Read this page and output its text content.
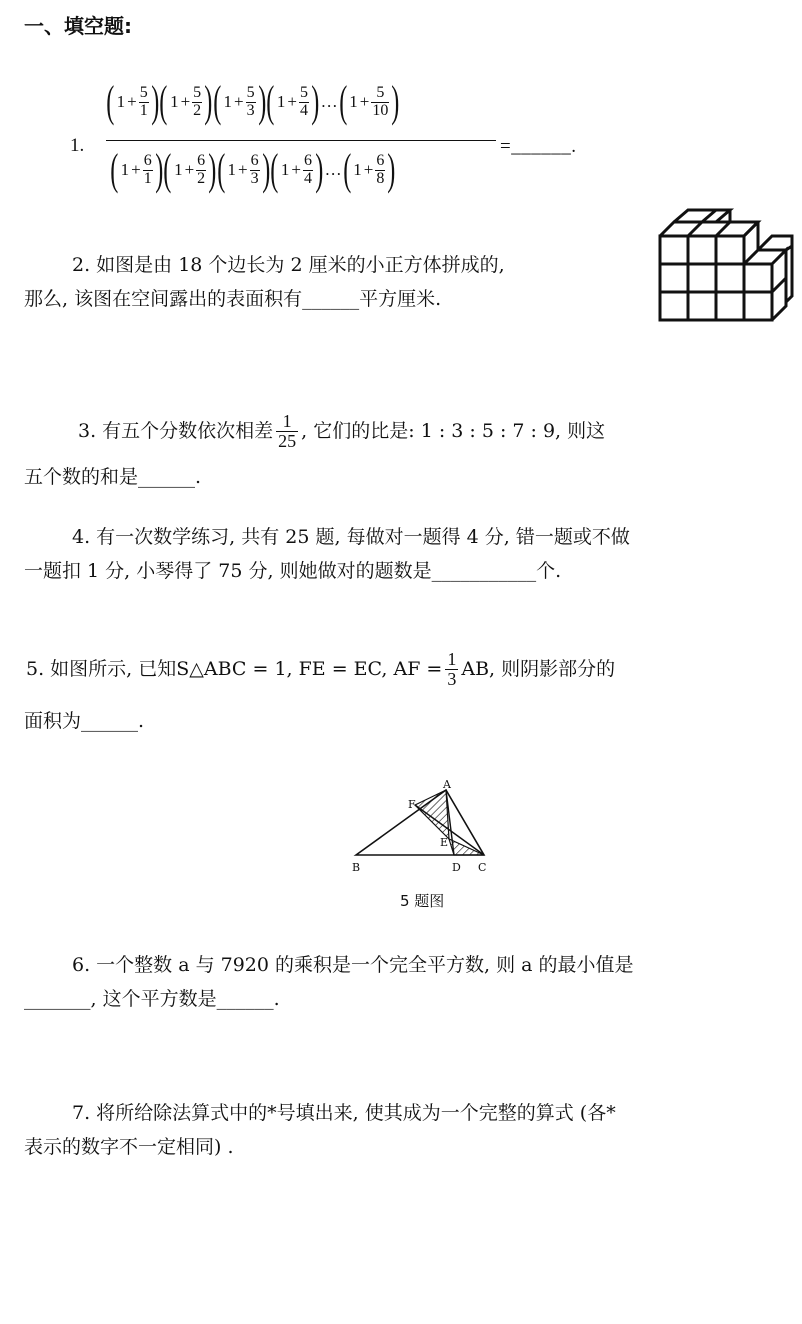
一、填空题:
1.
( $1 + \frac{5}{1}$ ) ( $1 + \frac{5}{2}$ ) ( $1 + \frac{5}{3}$ ) ( $1 + \frac{5}{4}$ ) … ( $1 + \frac{5}{10}$ )
( $1 + \frac{6}{1}$ ) ( $1 + \frac{6}{2}$ ) ( $1 + \frac{6}{3}$ ) ( $1 + \frac{6}{4}$ ) … ( $1 + \frac{6}{8}$ )	=______.
2. 如图是由 18 个边长为 2 厘米的小正方体拼成的,
那么, 该图在空间露出的表面积有______平方厘米.
3. 有五个分数依次相差 $\frac{1}{25}$ , 它们的比是: 1 : 3 : 5 : 7 : 9, 则这
五个数的和是______.
4. 有一次数学练习, 共有 25 题, 每做对一题得 4 分, 错一题或不做
一题扣 1 分, 小琴得了 75 分, 则她做对的题数是___________个.
5. 如图所示, 已知S△ABC = 1, FE = EC, AF = $\frac{1}{3}$ AB, 则阴影部分的
面积为______.
A
B	C
D
E
F
5 题图
6. 一个整数 a 与 7920 的乘积是一个完全平方数, 则 a 的最小值是
_______, 这个平方数是______.
7. 将所给除法算式中的*号填出来, 使其成为一个完整的算式 (各*
表示的数字不一定相同) .
